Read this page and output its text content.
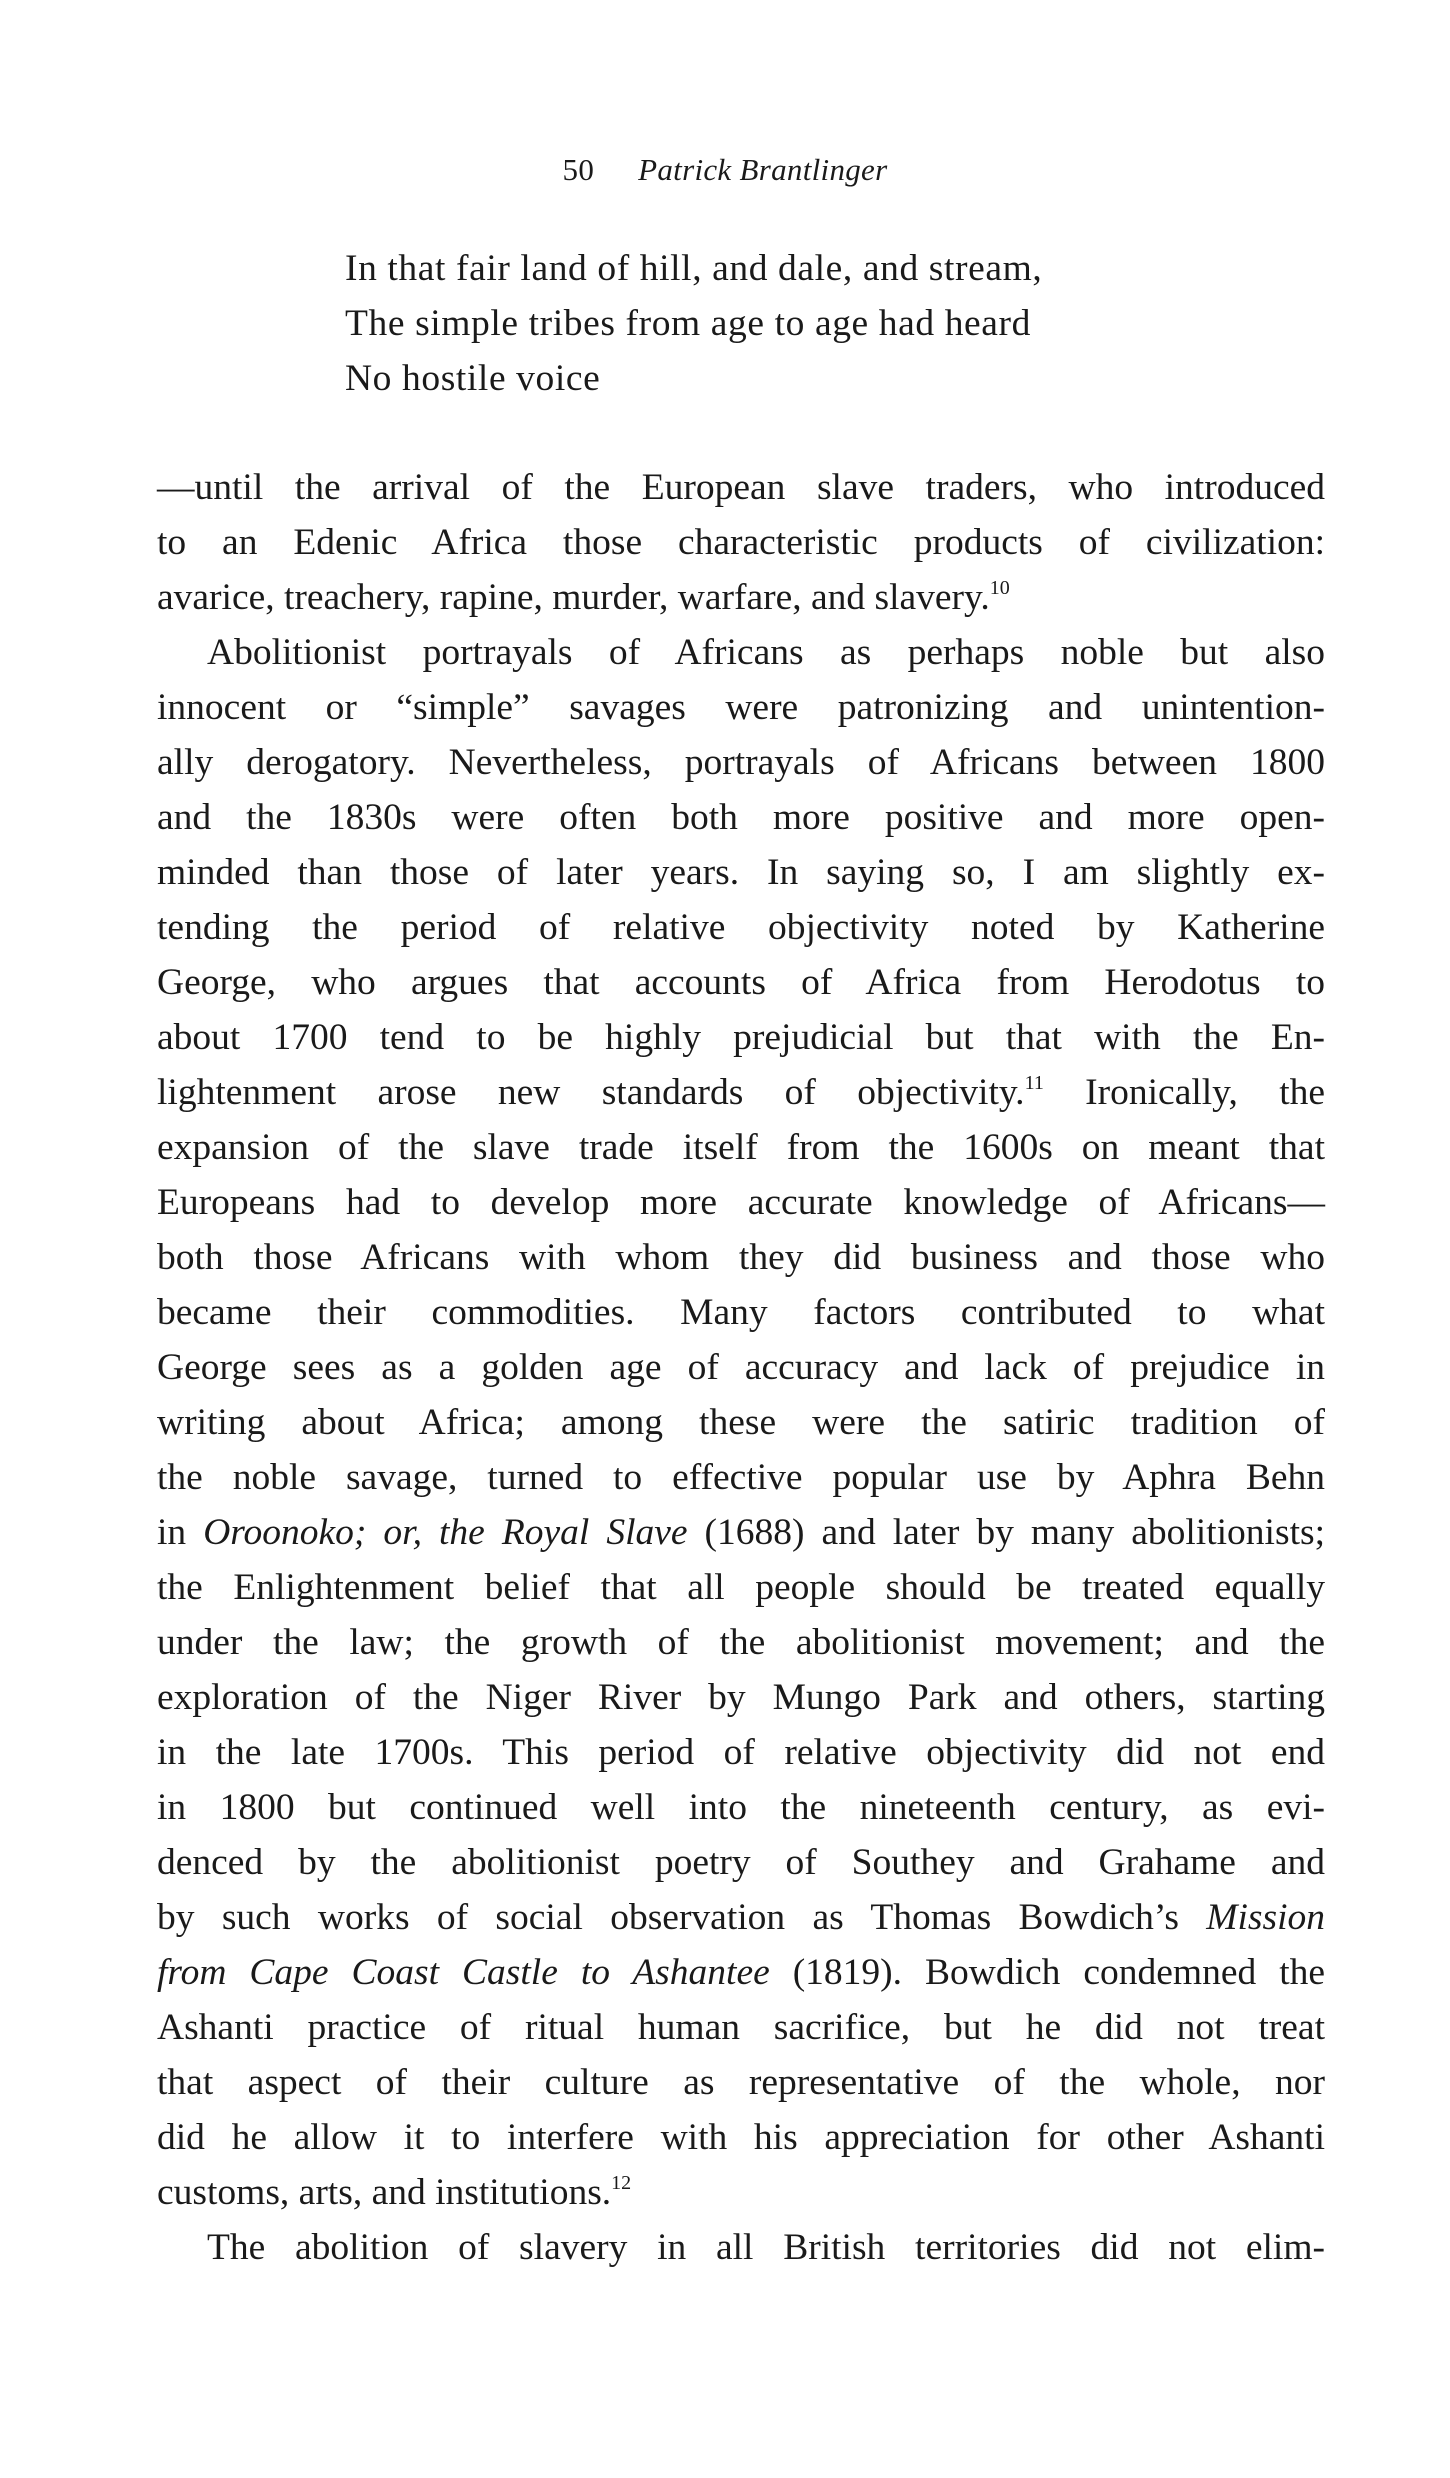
50 Patrick Brantlinger
In that fair land of hill, and dale, and stream,
The simple tribes from age to age had heard
No hostile voice
—until the arrival of the European slave traders, who introduced
to an Edenic Africa those characteristic products of civilization:
avarice, treachery, rapine, murder, warfare, and slavery.$^{10}$
Abolitionist portrayals of Africans as perhaps noble but also
innocent or “simple” savages were patronizing and unintention-
ally derogatory. Nevertheless, portrayals of Africans between 1800
and the 1830s were often both more positive and more open-
minded than those of later years. In saying so, I am slightly ex-
tending the period of relative objectivity noted by Katherine
George, who argues that accounts of Africa from Herodotus to
about 1700 tend to be highly prejudicial but that with the En-
lightenment arose new standards of objectivity.$^{11}$ Ironically, the
expansion of the slave trade itself from the 1600s on meant that
Europeans had to develop more accurate knowledge of Africans—
both those Africans with whom they did business and those who
became their commodities. Many factors contributed to what
George sees as a golden age of accuracy and lack of prejudice in
writing about Africa; among these were the satiric tradition of
the noble savage, turned to effective popular use by Aphra Behn
in Oroonoko; or, the Royal Slave (1688) and later by many abolitionists;
the Enlightenment belief that all people should be treated equally
under the law; the growth of the abolitionist movement; and the
exploration of the Niger River by Mungo Park and others, starting
in the late 1700s. This period of relative objectivity did not end
in 1800 but continued well into the nineteenth century, as evi-
denced by the abolitionist poetry of Southey and Grahame and
by such works of social observation as Thomas Bowdich’s Mission
from Cape Coast Castle to Ashantee (1819). Bowdich condemned the
Ashanti practice of ritual human sacrifice, but he did not treat
that aspect of their culture as representative of the whole, nor
did he allow it to interfere with his appreciation for other Ashanti
customs, arts, and institutions.$^{12}$
The abolition of slavery in all British territories did not elim-
